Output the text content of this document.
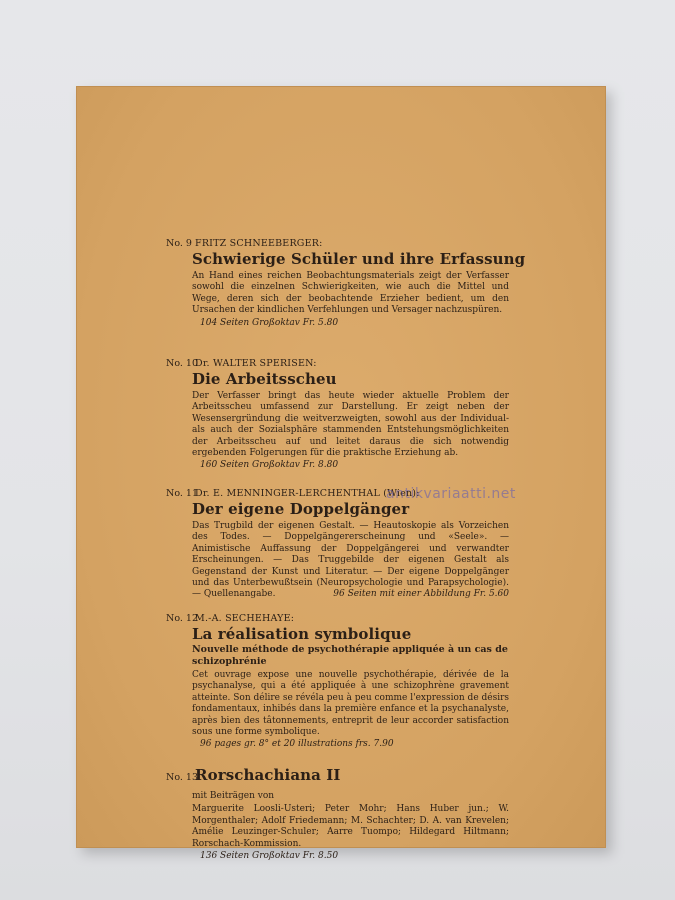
No. 9 FRITZ SCHNEEBERGER:
Schwierige Schüler und ihre Erfassung
An Hand eines reichen Beobachtungsmaterials zeigt der Verfasser sowohl die einzelnen Schwierigkeiten, wie auch die Mittel und Wege, deren sich der beobachtende Erzieher bedient, um den Ursachen der kindlichen Verfehlungen und Versager nachzuspüren.
104 Seiten Großoktav Fr. 5.80
No. 10 Dr. WALTER SPERISEN:
Die Arbeitsscheu
Der Verfasser bringt das heute wieder aktuelle Problem der Arbeitsscheu umfassend zur Darstellung. Er zeigt neben der Wesensergründung die weitverzweigten, sowohl aus der Individual- als auch der Sozialsphäre stammenden Entstehungsmöglichkeiten der Arbeitsscheu auf und leitet daraus die sich notwendig ergebenden Folgerungen für die praktische Erziehung ab.
160 Seiten Großoktav Fr. 8.80
No. 11 Dr. E. MENNINGER-LERCHENTHAL (Wien):
antikvariaatti.net
Der eigene Doppelgänger
Das Trugbild der eigenen Gestalt. — Heautoskopie als Vorzeichen des Todes. — Doppelgängererscheinung und «Seele». — Animistische Auffassung der Doppelgängerei und verwandter Erscheinungen. — Das Truggebilde der eigenen Gestalt als Gegenstand der Kunst und Literatur. — Der eigene Doppelgänger und das Unterbewußtsein (Neuropsychologie und Parapsychologie). — Quellenangabe.	96 Seiten mit einer Abbildung Fr. 5.60
No. 12 M.-A. SECHEHAYE:
La réalisation symbolique
Nouvelle méthode de psychothérapie appliquée à un cas de schizophrénie
Cet ouvrage expose une nouvelle psychothérapie, dérivée de la psychanalyse, qui a été appliquée à une schizophrène gravement atteinte. Son délire se révéla peu à peu comme l'expression de désirs fondamentaux, inhibés dans la première enfance et la psychanalyste, après bien des tâtonnements, entreprit de leur accorder satisfaction sous une forme symbolique.
96 pages gr. 8° et 20 illustrations frs. 7.90
No. 13 Rorschachiana II
mit Beiträgen von
Marguerite Loosli-Usteri; Peter Mohr; Hans Huber jun.; W. Morgenthaler; Adolf Friedemann; M. Schachter; D. A. van Krevelen; Amélie Leuzinger-Schuler; Aarre Tuompo; Hildegard Hiltmann; Rorschach-Kommission.
136 Seiten Großoktav Fr. 8.50
